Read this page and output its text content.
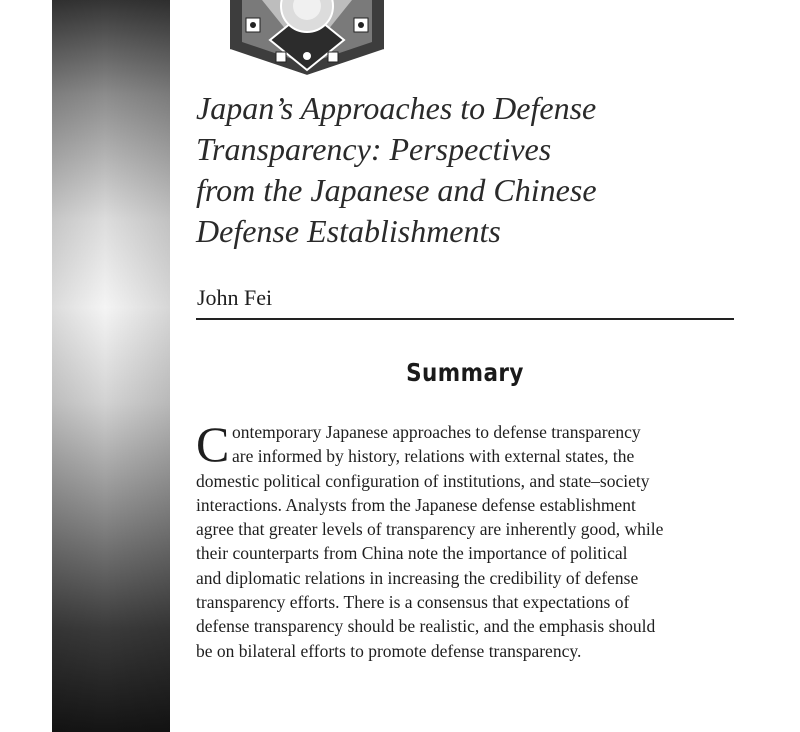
Japan’s Approaches to Defense
Transparency: Perspectives
from the Japanese and Chinese
Defense Establishments

John Fei

Summary
C ontemporary Japanese approaches to defense transparency
are informed by history, relations with external states, the
domestic political configuration of institutions, and state–society
interactions. Analysts from the Japanese defense establishment
agree that greater levels of transparency are inherently good, while
their counterparts from China note the importance of political
and diplomatic relations in increasing the credibility of defense
transparency efforts. There is a consensus that expectations of
defense transparency should be realistic, and the emphasis should
be on bilateral efforts to promote defense transparency.
